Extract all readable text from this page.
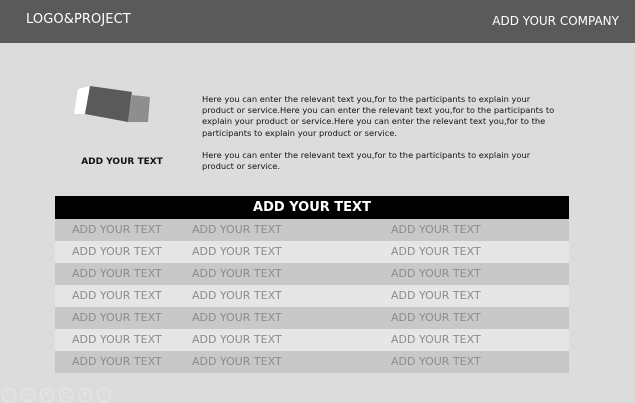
LOGO&PROJECT	ADD YOUR COMPANY
ADD YOUR TEXT

Here you can enter the relevant text you,for to the participants to explain your product or service.Here you can enter the relevant text you,for to the participants to explain your product or service.Here you can enter the relevant text you,for to the participants to explain your product or service.

Here you can enter the relevant text you,for to the participants to explain your product or service.

ADD YOUR TEXT
ADD YOUR TEXT	ADD YOUR TEXT	ADD YOUR TEXT
ADD YOUR TEXT	ADD YOUR TEXT	ADD YOUR TEXT
ADD YOUR TEXT	ADD YOUR TEXT	ADD YOUR TEXT
ADD YOUR TEXT	ADD YOUR TEXT	ADD YOUR TEXT
ADD YOUR TEXT	ADD YOUR TEXT	ADD YOUR TEXT
ADD YOUR TEXT	ADD YOUR TEXT	ADD YOUR TEXT
ADD YOUR TEXT	ADD YOUR TEXT	ADD YOUR TEXT
←	→	✎	□	⚲	⋯
